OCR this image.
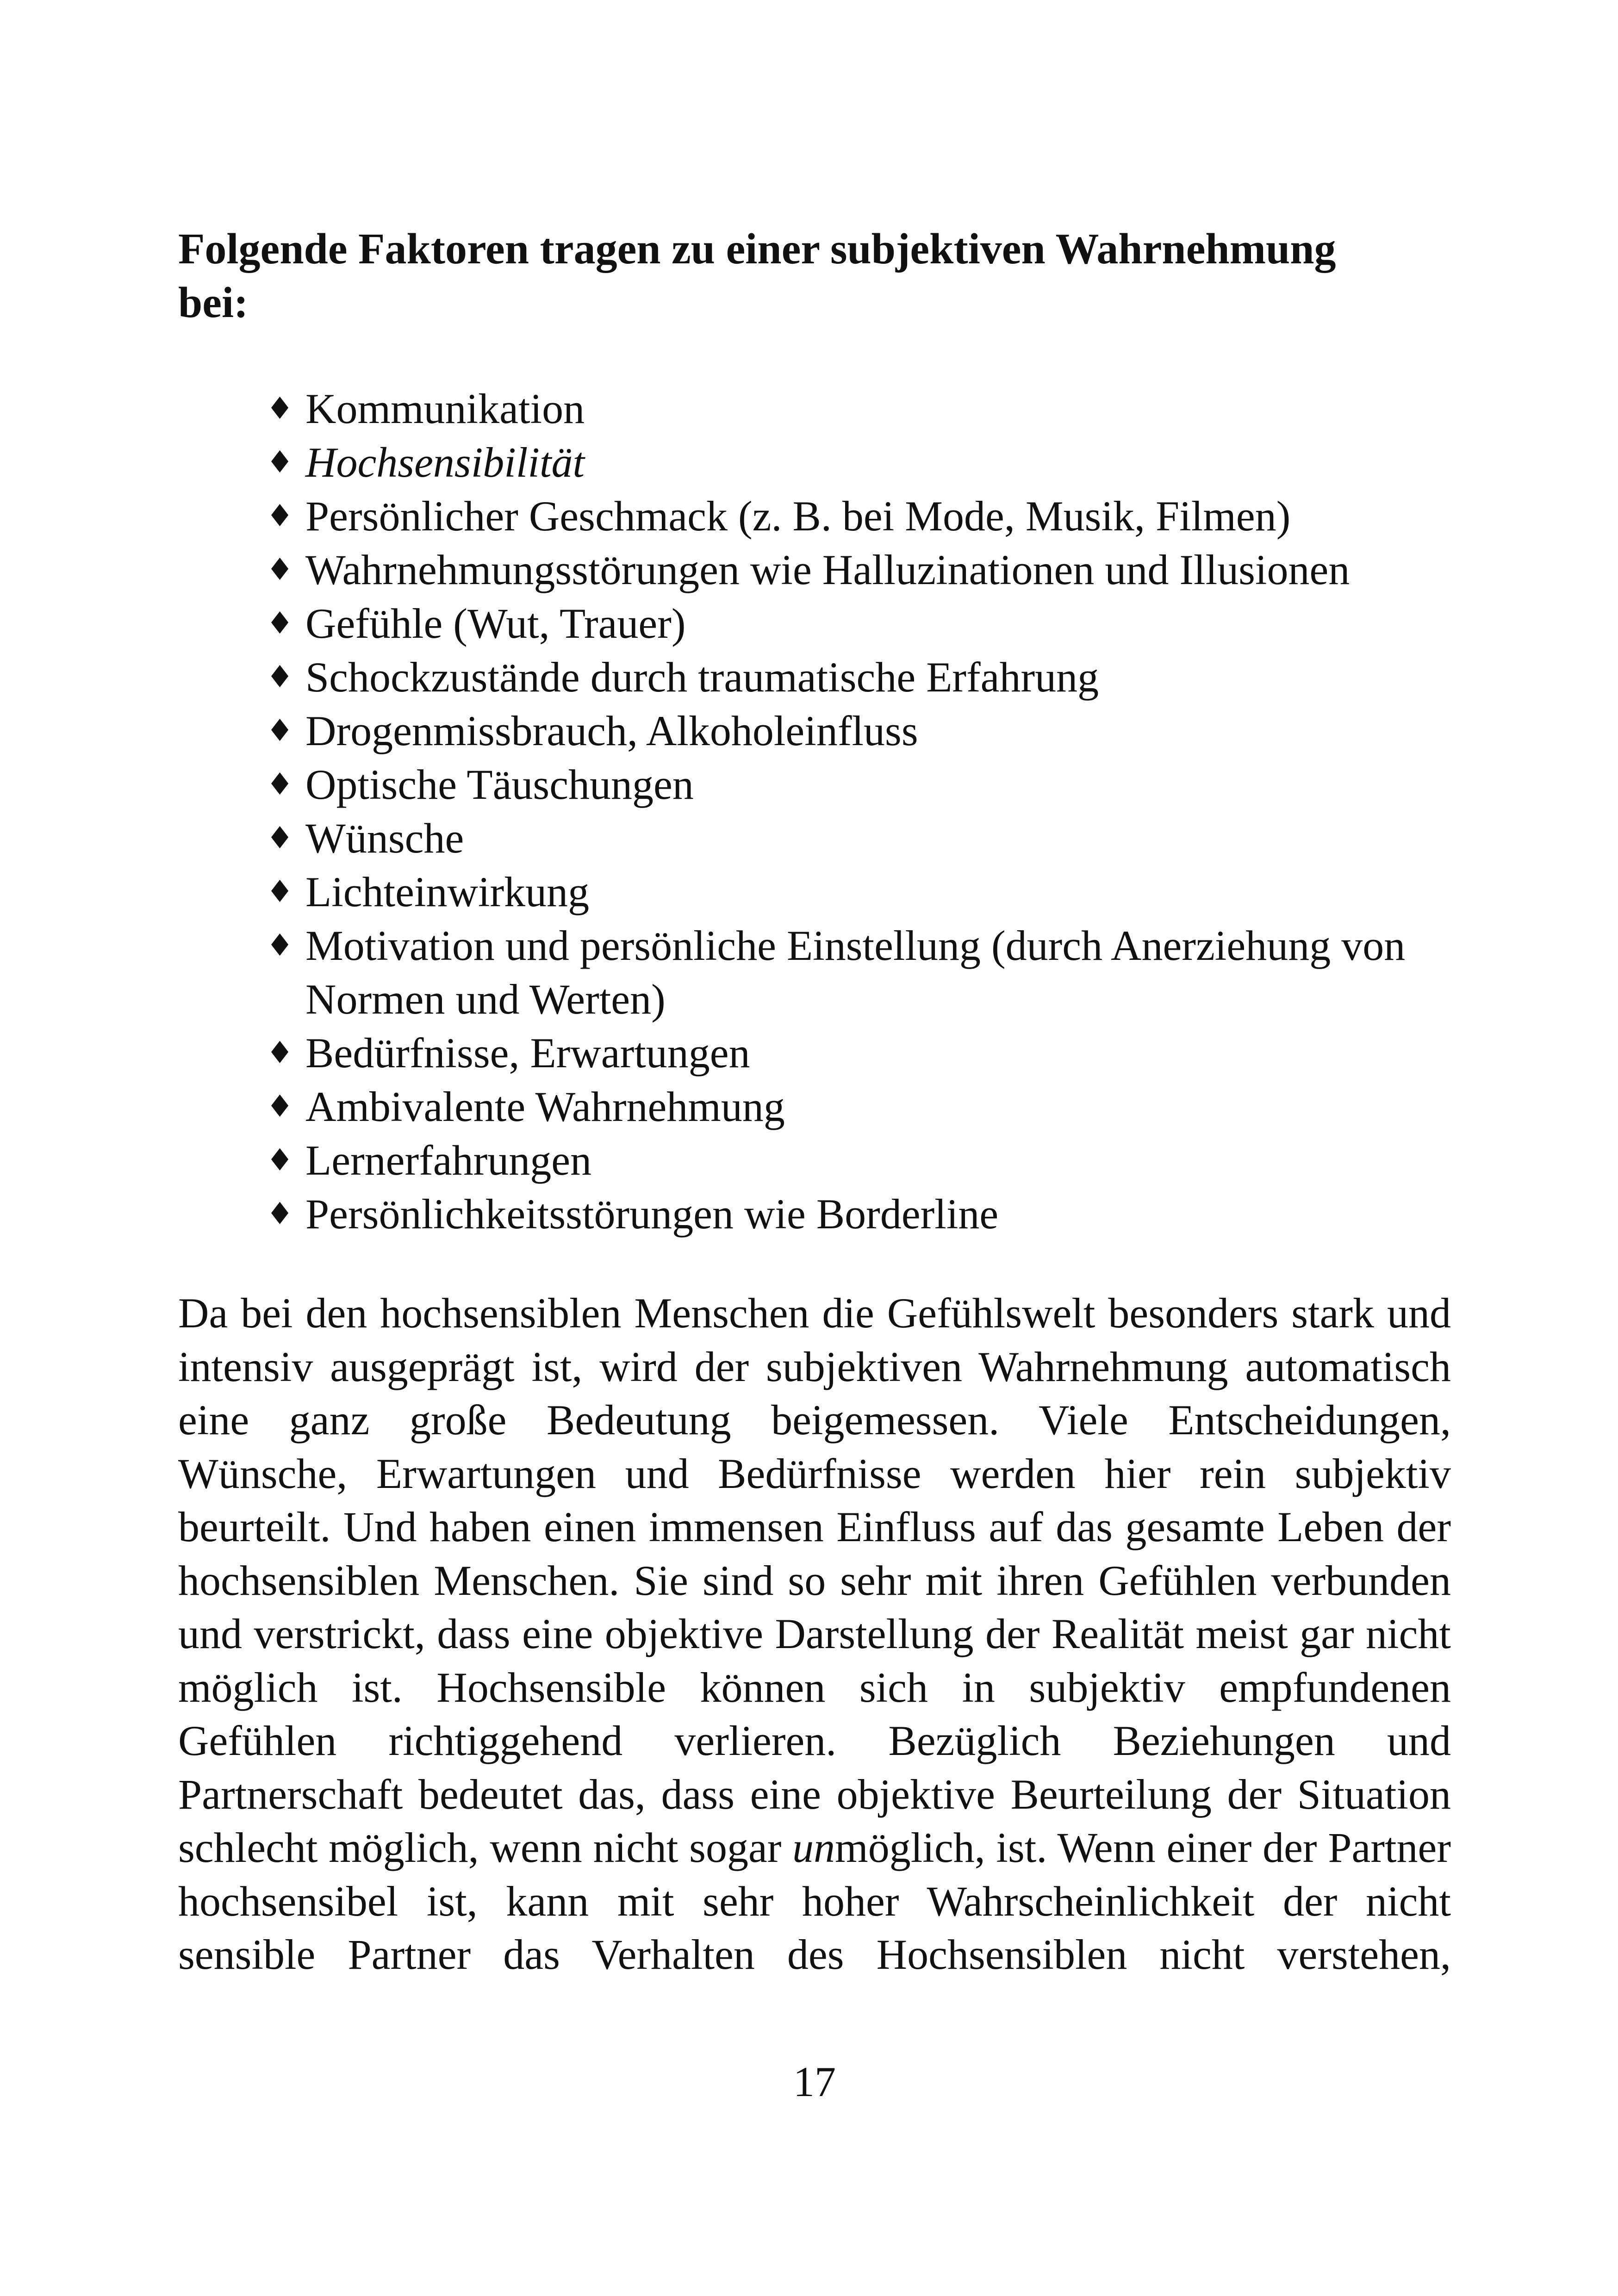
Folgende Faktoren tragen zu einer subjektiven Wahrnehmung
bei:
♦ Kommunikation
♦ Hochsensibilität
♦ Persönlicher Geschmack (z. B. bei Mode, Musik, Filmen)
♦ Wahrnehmungsstörungen wie Halluzinationen und Illusionen
♦ Gefühle (Wut, Trauer)
♦ Schockzustände durch traumatische Erfahrung
♦ Drogenmissbrauch, Alkoholeinfluss
♦ Optische Täuschungen
♦ Wünsche
♦ Lichteinwirkung
♦ Motivation und persönliche Einstellung (durch Anerziehung von Normen und Werten)
♦ Bedürfnisse, Erwartungen
♦ Ambivalente Wahrnehmung
♦ Lernerfahrungen
♦ Persönlichkeitsstörungen wie Borderline

Da bei den hochsensiblen Menschen die Gefühlswelt besonders stark und intensiv ausgeprägt ist, wird der subjektiven Wahrnehmung automatisch eine ganz große Bedeutung beigemessen. Viele Entscheidungen, Wünsche, Erwartungen und Bedürfnisse werden hier rein subjektiv beurteilt. Und haben einen immensen Einfluss auf das gesamte Leben der hochsensiblen Menschen. Sie sind so sehr mit ihren Gefühlen verbunden und verstrickt, dass eine objektive Darstellung der Realität meist gar nicht möglich ist. Hochsensible können sich in subjektiv empfundenen Gefühlen richtiggehend verlieren. Bezüglich Beziehungen und Partnerschaft bedeutet das, dass eine objektive Beurteilung der Situation schlecht möglich, wenn nicht sogar unmöglich, ist. Wenn einer der Partner hochsensibel ist, kann mit sehr hoher Wahrscheinlichkeit der nicht sensible Partner das Verhalten des Hochsensiblen nicht verstehen,

17
